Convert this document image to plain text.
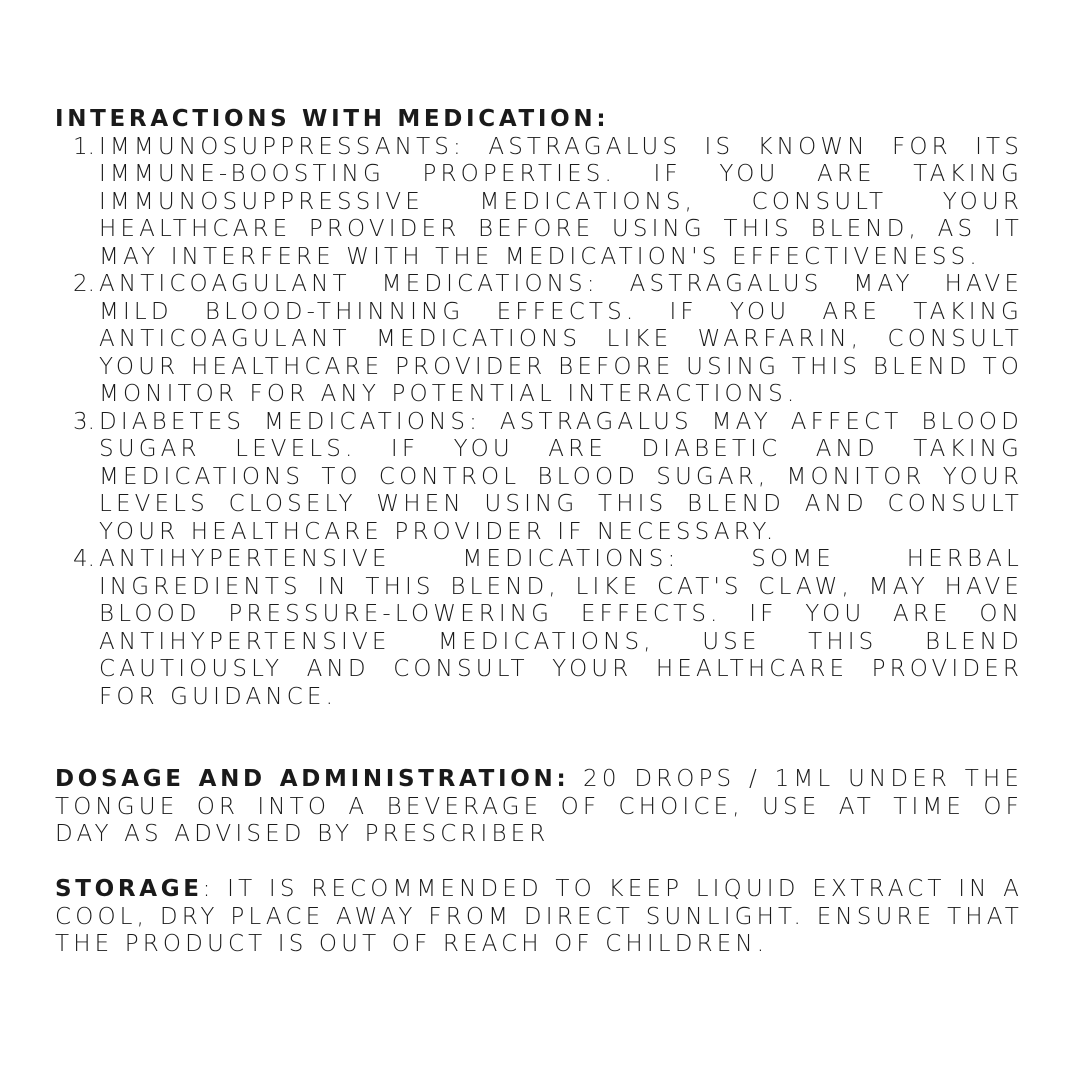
INTERACTIONS WITH MEDICATION:

1. IMMUNOSUPPRESSANTS: ASTRAGALUS IS KNOWN FOR ITS IMMUNE-BOOSTING PROPERTIES. IF YOU ARE TAKING IMMUNOSUPPRESSIVE MEDICATIONS, CONSULT YOUR HEALTHCARE PROVIDER BEFORE USING THIS BLEND, AS IT MAY INTERFERE WITH THE MEDICATION'S EFFECTIVENESS.
2. ANTICOAGULANT MEDICATIONS: ASTRAGALUS MAY HAVE MILD BLOOD-THINNING EFFECTS. IF YOU ARE TAKING ANTICOAGULANT MEDICATIONS LIKE WARFARIN, CONSULT YOUR HEALTHCARE PROVIDER BEFORE USING THIS BLEND TO MONITOR FOR ANY POTENTIAL INTERACTIONS.
3. DIABETES MEDICATIONS: ASTRAGALUS MAY AFFECT BLOOD SUGAR LEVELS. IF YOU ARE DIABETIC AND TAKING MEDICATIONS TO CONTROL BLOOD SUGAR, MONITOR YOUR LEVELS CLOSELY WHEN USING THIS BLEND AND CONSULT YOUR HEALTHCARE PROVIDER IF NECESSARY.
4. ANTIHYPERTENSIVE MEDICATIONS: SOME HERBAL INGREDIENTS IN THIS BLEND, LIKE CAT'S CLAW, MAY HAVE BLOOD PRESSURE-LOWERING EFFECTS. IF YOU ARE ON ANTIHYPERTENSIVE MEDICATIONS, USE THIS BLEND CAUTIOUSLY AND CONSULT YOUR HEALTHCARE PROVIDER FOR GUIDANCE.

DOSAGE AND ADMINISTRATION: 20 DROPS / 1ML UNDER THE TONGUE OR INTO A BEVERAGE OF CHOICE, USE AT TIME OF DAY AS ADVISED BY PRESCRIBER

STORAGE: IT IS RECOMMENDED TO KEEP LIQUID EXTRACT IN A COOL, DRY PLACE AWAY FROM DIRECT SUNLIGHT. ENSURE THAT THE PRODUCT IS OUT OF REACH OF CHILDREN.
